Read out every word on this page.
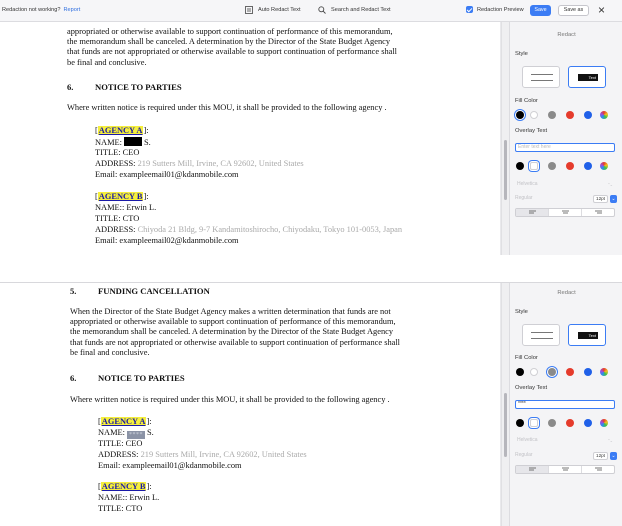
Redaction not working? Report	Auto Redact Text	Search and Redact Text	Redaction Preview	Save	Save as	×
appropriated or otherwise available to support continuation of performance of this memorandum,
the memorandum shall be canceled. A determination by the Director of the State Budget Agency
that funds are not appropriated or otherwise available to support continuation of performance shall
be final and conclusive.
6.	NOTICE TO PARTIES
Where written notice is required under this MOU, it shall be provided to the following agency .
[AGENCY A]:
NAME:	S.
TITLE: CEO
ADDRESS: 219 Sutters Mill, Irvine, CA 92602, United States
Email: exampleemail01@kdanmobile.com
[AGENCY B]:
NAME:: Erwin L.
TITLE: CTO
ADDRESS: Chiyoda 21 Bldg, 9-7 Kandamitoshirocho, Chiyodaku, Tokyo 101-0053, Japan
Email: exampleemail02@kdanmobile.com
Redact
Style
Text
Fill Color
Overlay Text
Enter text here
Helvetica ⌃⌄
Regular	12pt	⌄
5.	FUNDING CANCELLATION
When the Director of the State Budget Agency makes a written determination that funds are not
appropriated or otherwise available to support continuation of performance of this memorandum,
the memorandum shall be canceled. A determination by the Director of the State Budget Agency
that funds are not appropriated or otherwise available to support continuation of performance shall
be final and conclusive.
6.	NOTICE TO PARTIES
Where written notice is required under this MOU, it shall be provided to the following agency .
[AGENCY A]:
NAME: **** S.
TITLE: CEO
ADDRESS: 219 Sutters Mill, Irvine, CA 92602, United States
Email: exampleemail01@kdanmobile.com
[AGENCY B]:
NAME:: Erwin L.
TITLE: CTO
Redact
Style
Text
Fill Color
Overlay Text
****
Helvetica ⌃⌄
Regular	12pt	⌄
